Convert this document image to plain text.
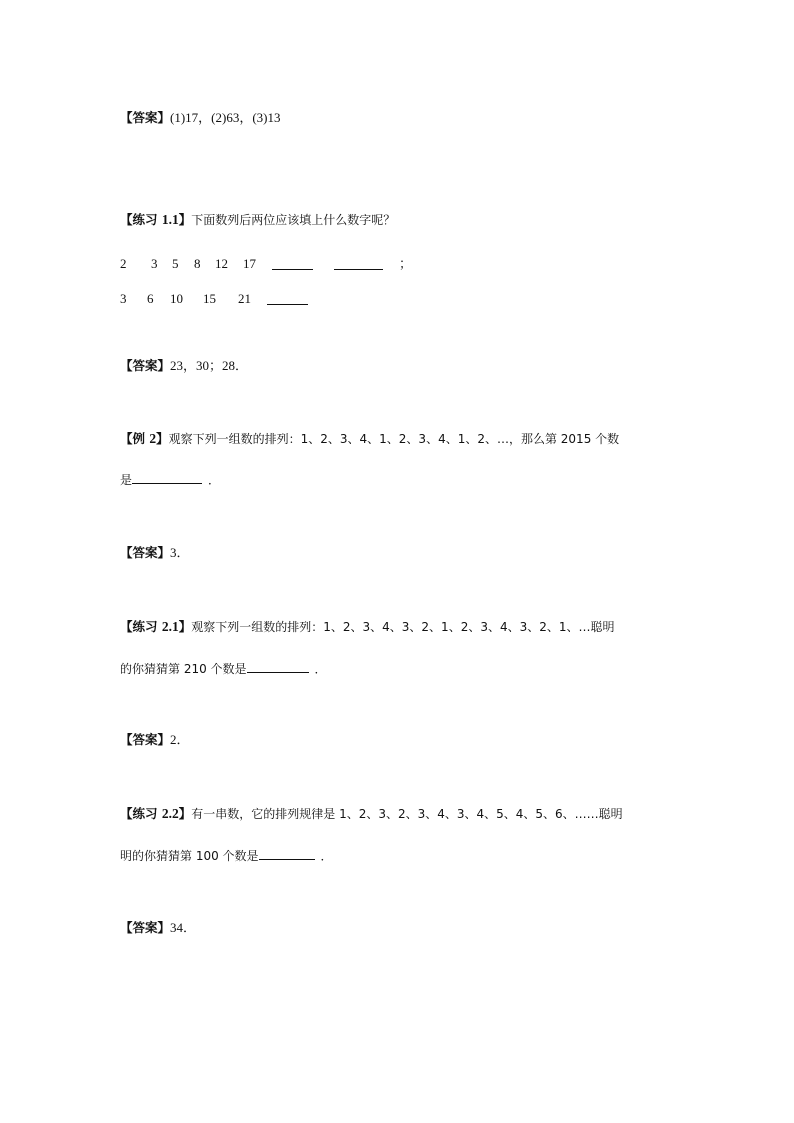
【答案】(1)17，(2)63，(3)13
【练习 1.1】下面数列后两位应该填上什么数字呢？
2 3 5 8 12 17	；
3 6 10 15 21
【答案】23，30；28．
【例 2】观察下列一组数的排列：1、2、3、4、1、2、3、4、1、2、…，那么第 2015 个数
是	．
【答案】3．
【练习 2.1】观察下列一组数的排列：1、2、3、4、3、2、1、2、3、4、3、2、1、…聪明
的你猜猜第 210 个数是	．
【答案】2．
【练习 2.2】有一串数，它的排列规律是 1、2、3、2、3、4、3、4、5、4、5、6、……聪明
明的你猜猜第 100 个数是	．
【答案】34．
